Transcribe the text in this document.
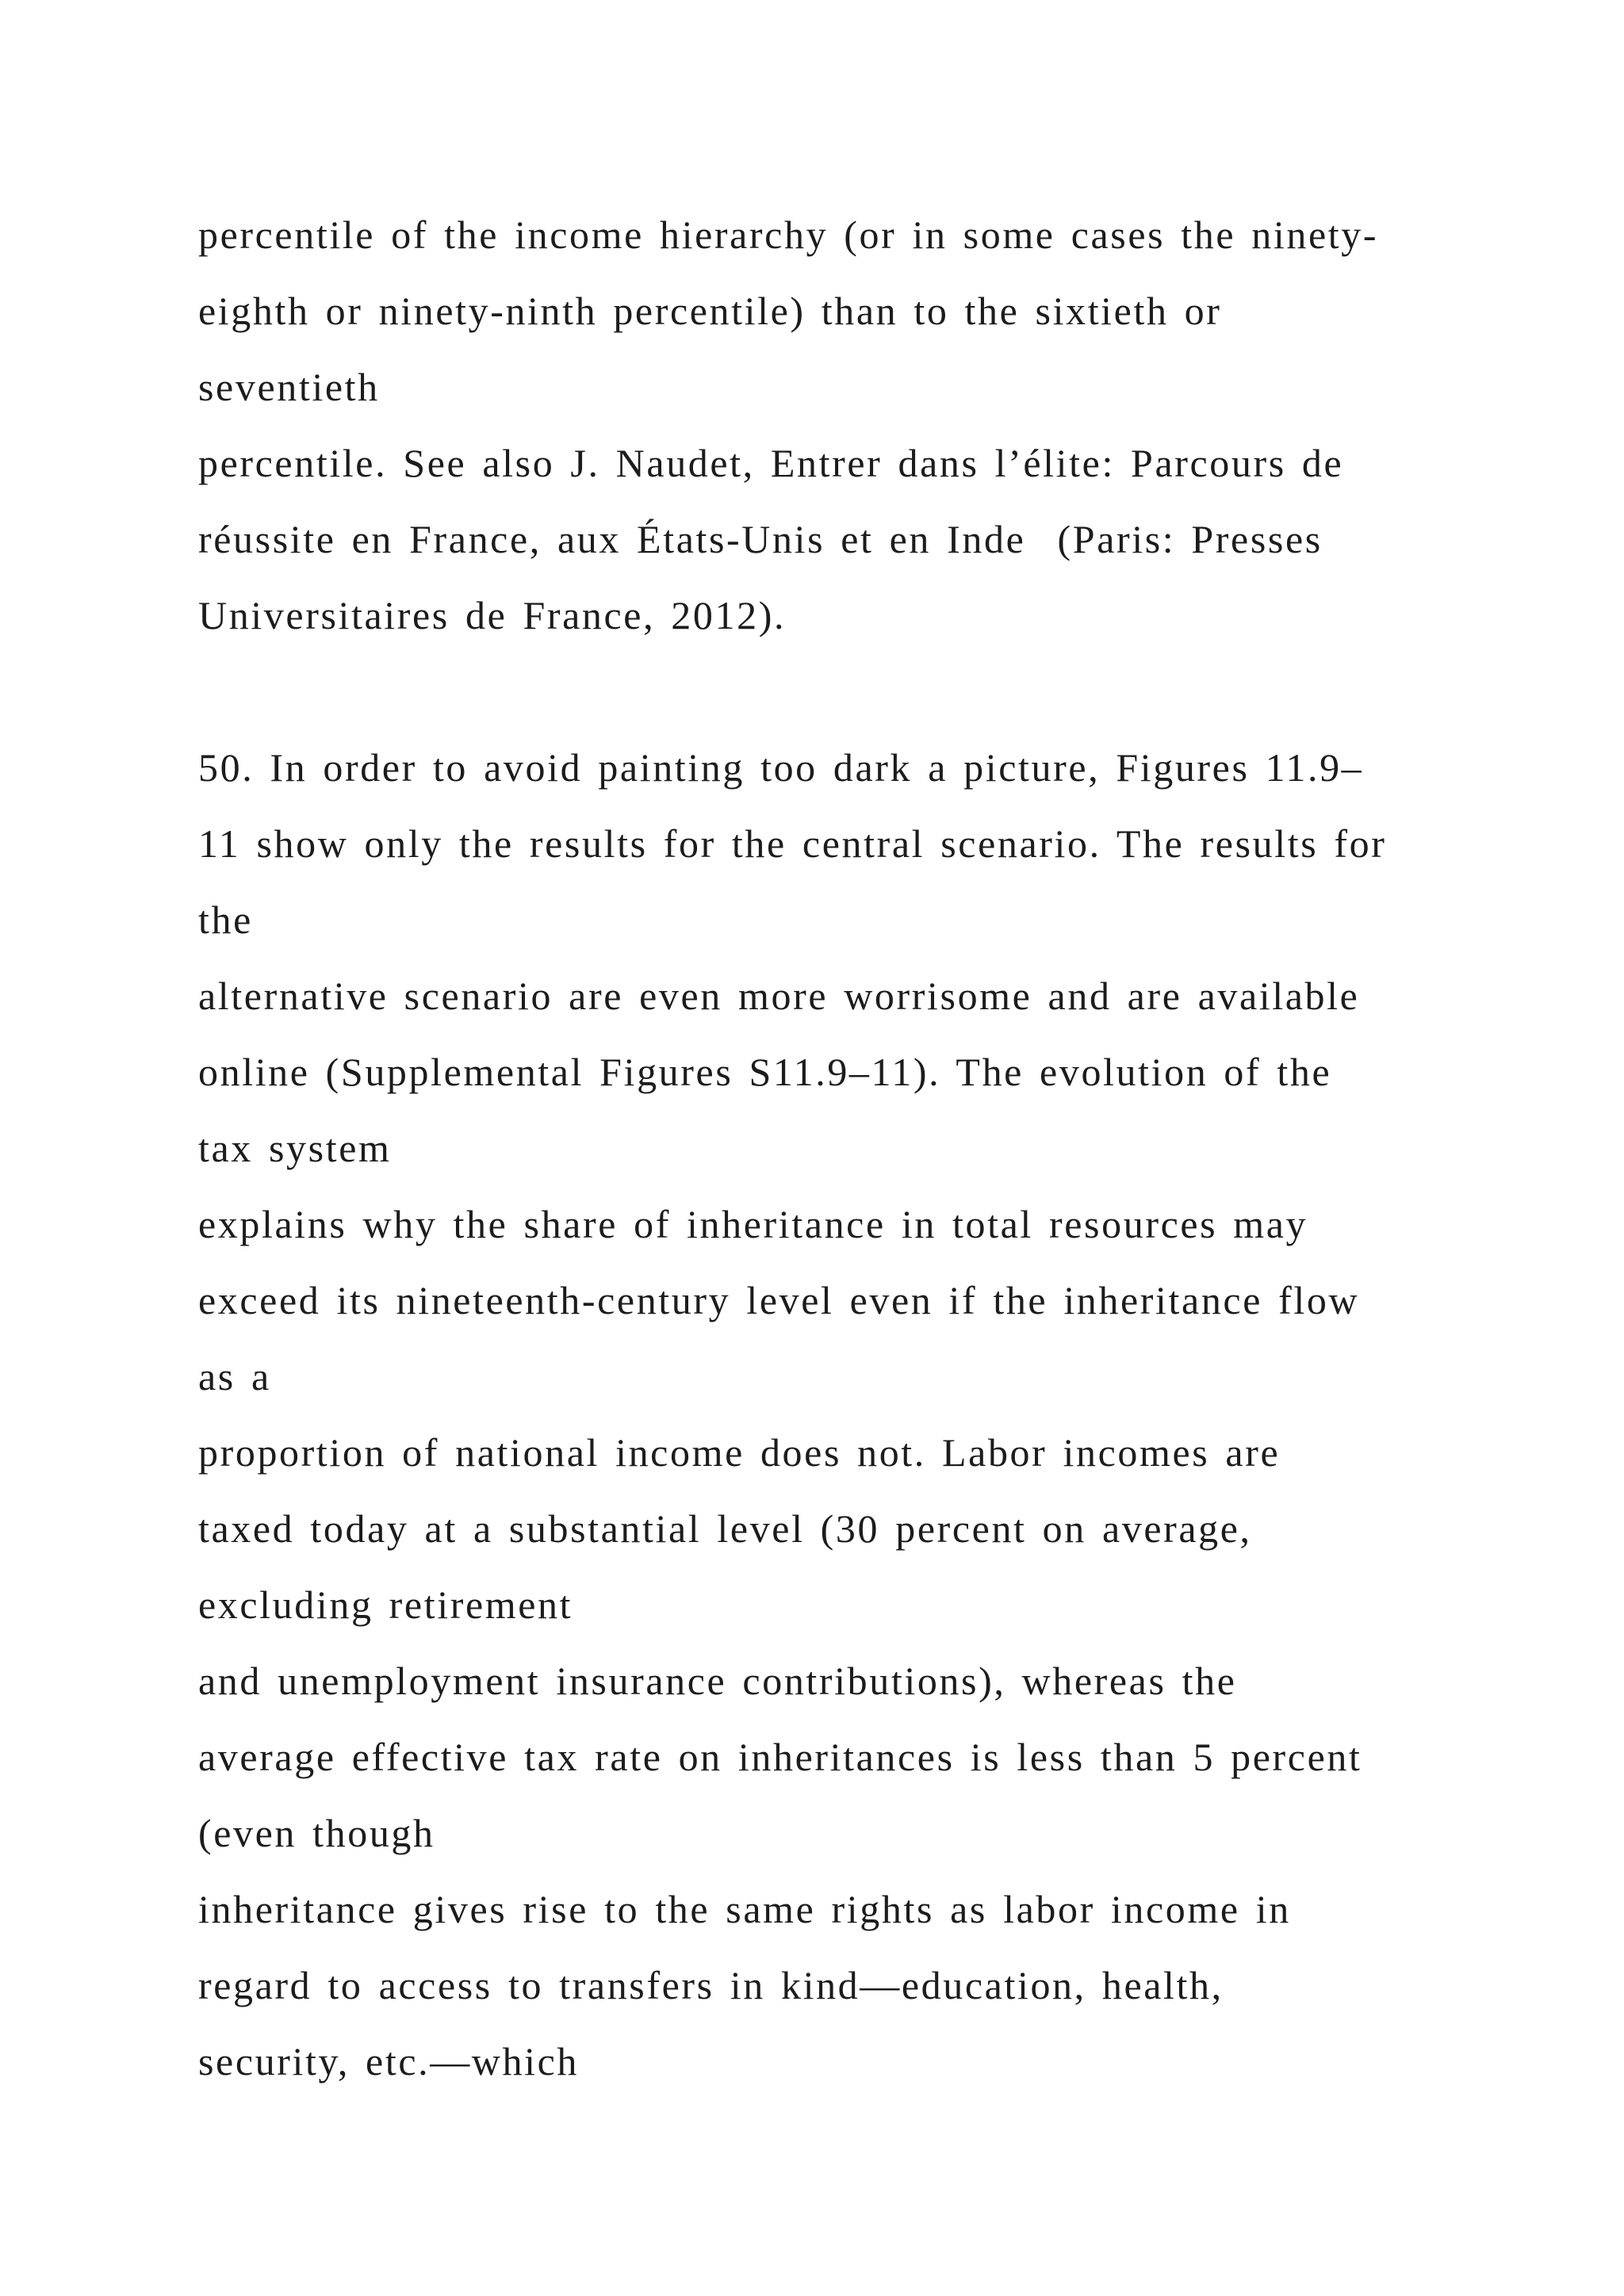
percentile of the income hierarchy (or in some cases the ninety-
eighth or ninety-ninth percentile) than to the sixtieth or
seventieth
percentile. See also J. Naudet, Entrer dans l’élite: Parcours de
réussite en France, aux États-Unis et en Inde  (Paris: Presses
Universitaires de France, 2012).
50. In order to avoid painting too dark a picture, Figures 11.9–
11 show only the results for the central scenario. The results for
the
alternative scenario are even more worrisome and are available
online (Supplemental Figures S11.9–11). The evolution of the
tax system
explains why the share of inheritance in total resources may
exceed its nineteenth-century level even if the inheritance flow
as a
proportion of national income does not. Labor incomes are
taxed today at a substantial level (30 percent on average,
excluding retirement
and unemployment insurance contributions), whereas the
average effective tax rate on inheritances is less than 5 percent
(even though
inheritance gives rise to the same rights as labor income in
regard to access to transfers in kind—education, health,
security, etc.—which
